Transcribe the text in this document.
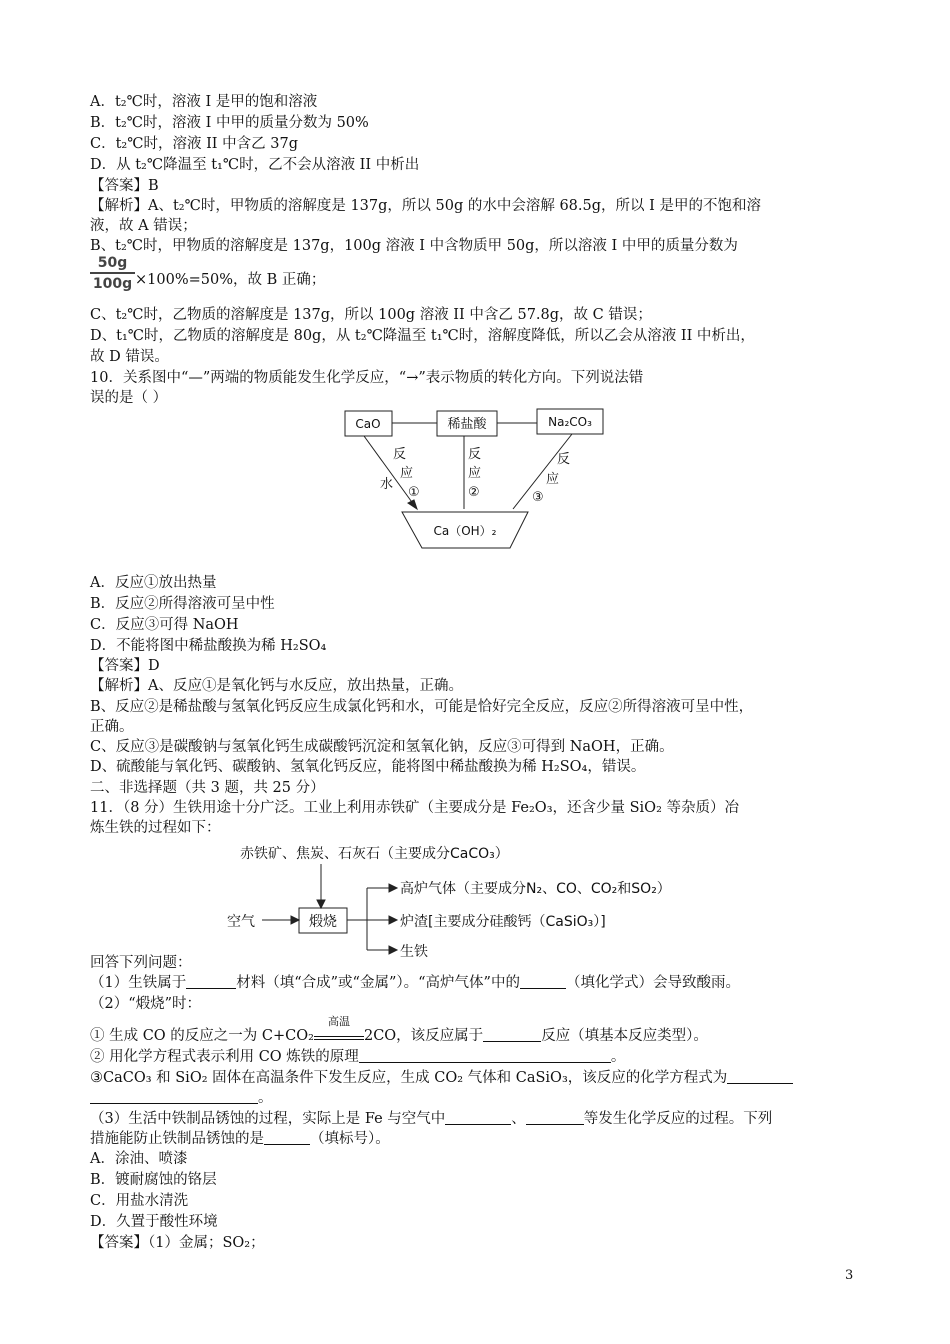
A．t₂℃时，溶液 I 是甲的饱和溶液
B．t₂℃时，溶液 I 中甲的质量分数为 50%
C．t₂℃时，溶液 II 中含乙 37g
D．从 t₂℃降温至 t₁℃时，乙不会从溶液 II 中析出
【答案】B
【解析】A、t₂℃时，甲物质的溶解度是 137g，所以 50g 的水中会溶解 68.5g，所以 I 是甲的不饱和溶
液，故 A 错误；
B、t₂℃时，甲物质的溶解度是 137g，100g 溶液 I 中含物质甲 50g，所以溶液 I 中甲的质量分数为
50g
100g ×100%=50%，故 B 正确；
C、t₂℃时，乙物质的溶解度是 137g，所以 100g 溶液 II 中含乙 57.8g，故 C 错误；
D、t₁℃时，乙物质的溶解度是 80g，从 t₂℃降温至 t₁℃时，溶解度降低，所以乙会从溶液 II 中析出，
故 D 错误。
10．关系图中“—”两端的物质能发生化学反应，“→”表示物质的转化方向。下列说法错
误的是（ ）
CaO	稀盐酸	Na₂CO₃
Ca（OH）₂
反
应
①
水
反
应
②
反
应
③
赤铁矿、焦炭、石灰石（主要成分CaCO₃）
空气	煅烧
高炉气体（主要成分N₂、CO、CO₂和SO₂）
炉渣[主要成分硅酸钙（CaSiO₃）]
生铁
A．反应①放出热量
B．反应②所得溶液可呈中性
C．反应③可得 NaOH
D．不能将图中稀盐酸换为稀 H₂SO₄
【答案】D
【解析】A、反应①是氧化钙与水反应，放出热量，正确。
B、反应②是稀盐酸与氢氧化钙反应生成氯化钙和水，可能是恰好完全反应，反应②所得溶液可呈中性，
正确。
C、反应③是碳酸钠与氢氧化钙生成碳酸钙沉淀和氢氧化钠，反应③可得到 NaOH，正确。
D、硫酸能与氧化钙、碳酸钠、氢氧化钙反应，能将图中稀盐酸换为稀 H₂SO₄，错误。
二、非选择题（共 3 题，共 25 分）
11．（8 分）生铁用途十分广泛。工业上利用赤铁矿（主要成分是 Fe₂O₃，还含少量 SiO₂ 等杂质）冶
炼生铁的过程如下：
回答下列问题：
（1）生铁属于	材料（填“合成”或“金属”）。“高炉气体”中的	（填化学式）会导致酸雨。
（2）“煅烧”时：
① 生成 CO 的反应之一为 C+CO₂
高温
2CO，该反应属于	反应（填基本反应类型）。
② 用化学方程式表示利用 CO 炼铁的原理	。
③CaCO₃ 和 SiO₂ 固体在高温条件下发生反应，生成 CO₂ 气体和 CaSiO₃，该反应的化学方程式为
。
（3）生活中铁制品锈蚀的过程，实际上是 Fe 与空气中	、	等发生化学反应的过程。下列
措施能防止铁制品锈蚀的是	（填标号）。
A．涂油、喷漆
B．镀耐腐蚀的铬层
C．用盐水清洗
D．久置于酸性环境
【答案】（1）金属；SO₂；
3
